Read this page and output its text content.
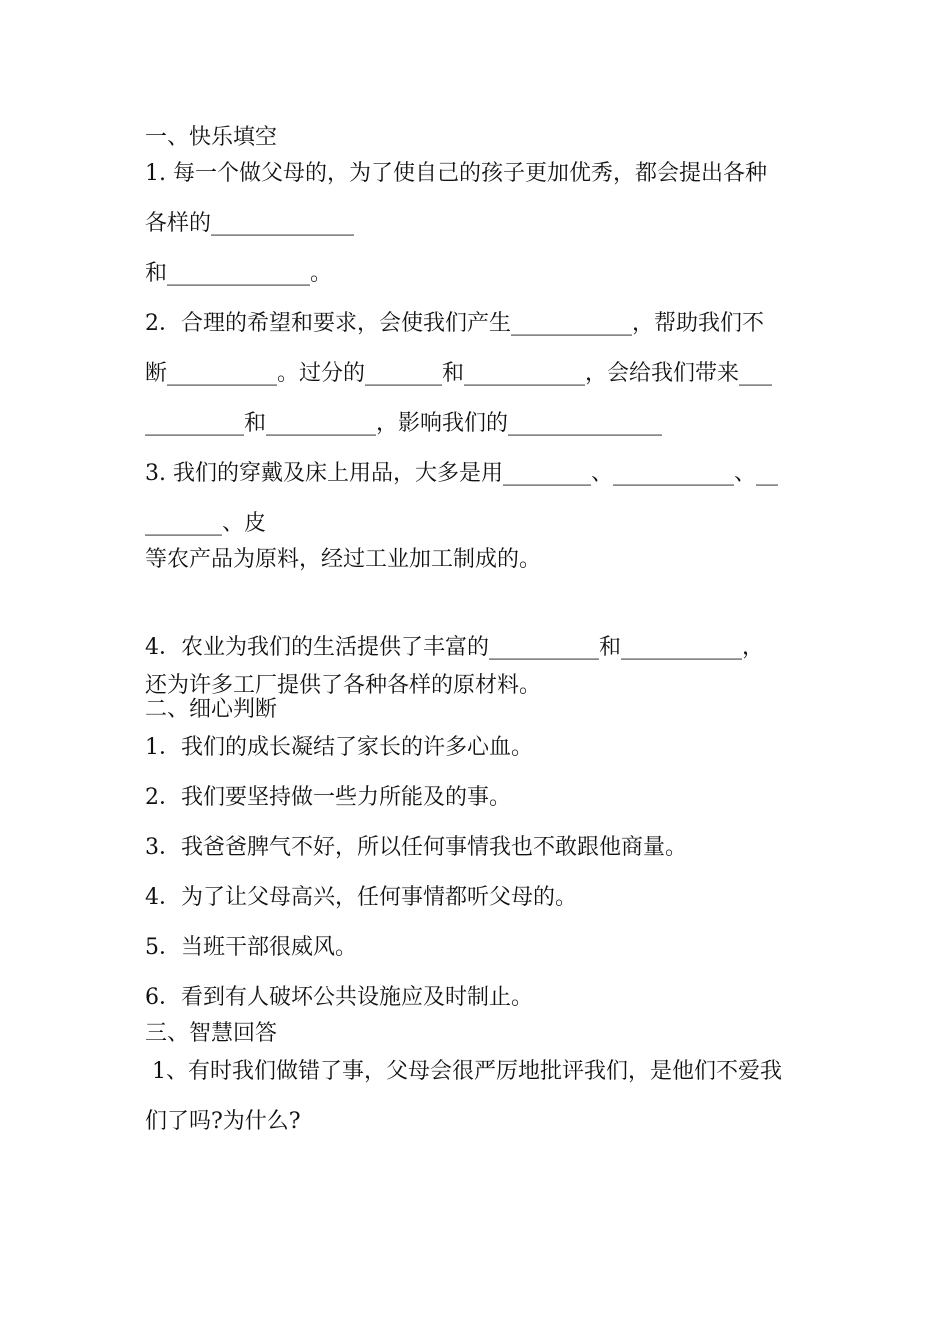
一、快乐填空

1. 每一个做父母的，为了使自己的孩子更加优秀，都会提出各种

各样的_____________

和_____________。

2．合理的希望和要求，会使我们产生___________，帮助我们不

断__________。过分的_______和___________，会给我们带来___

_________和__________，影响我们的______________

3. 我们的穿戴及床上用品，大多是用________、___________、__

_______、皮

等农产品为原料，经过工业加工制成的。

4．农业为我们的生活提供了丰富的__________和___________，

还为许多工厂提供了各种各样的原材料。

二、细心判断

1．我们的成长凝结了家长的许多心血。

2．我们要坚持做一些力所能及的事。

3．我爸爸脾气不好，所以任何事情我也不敢跟他商量。

4．为了让父母高兴，任何事情都听父母的。

5．当班干部很威风。

6．看到有人破坏公共设施应及时制止。

三、智慧回答

1、有时我们做错了事，父母会很严厉地批评我们，是他们不爱我

们了吗?为什么?
